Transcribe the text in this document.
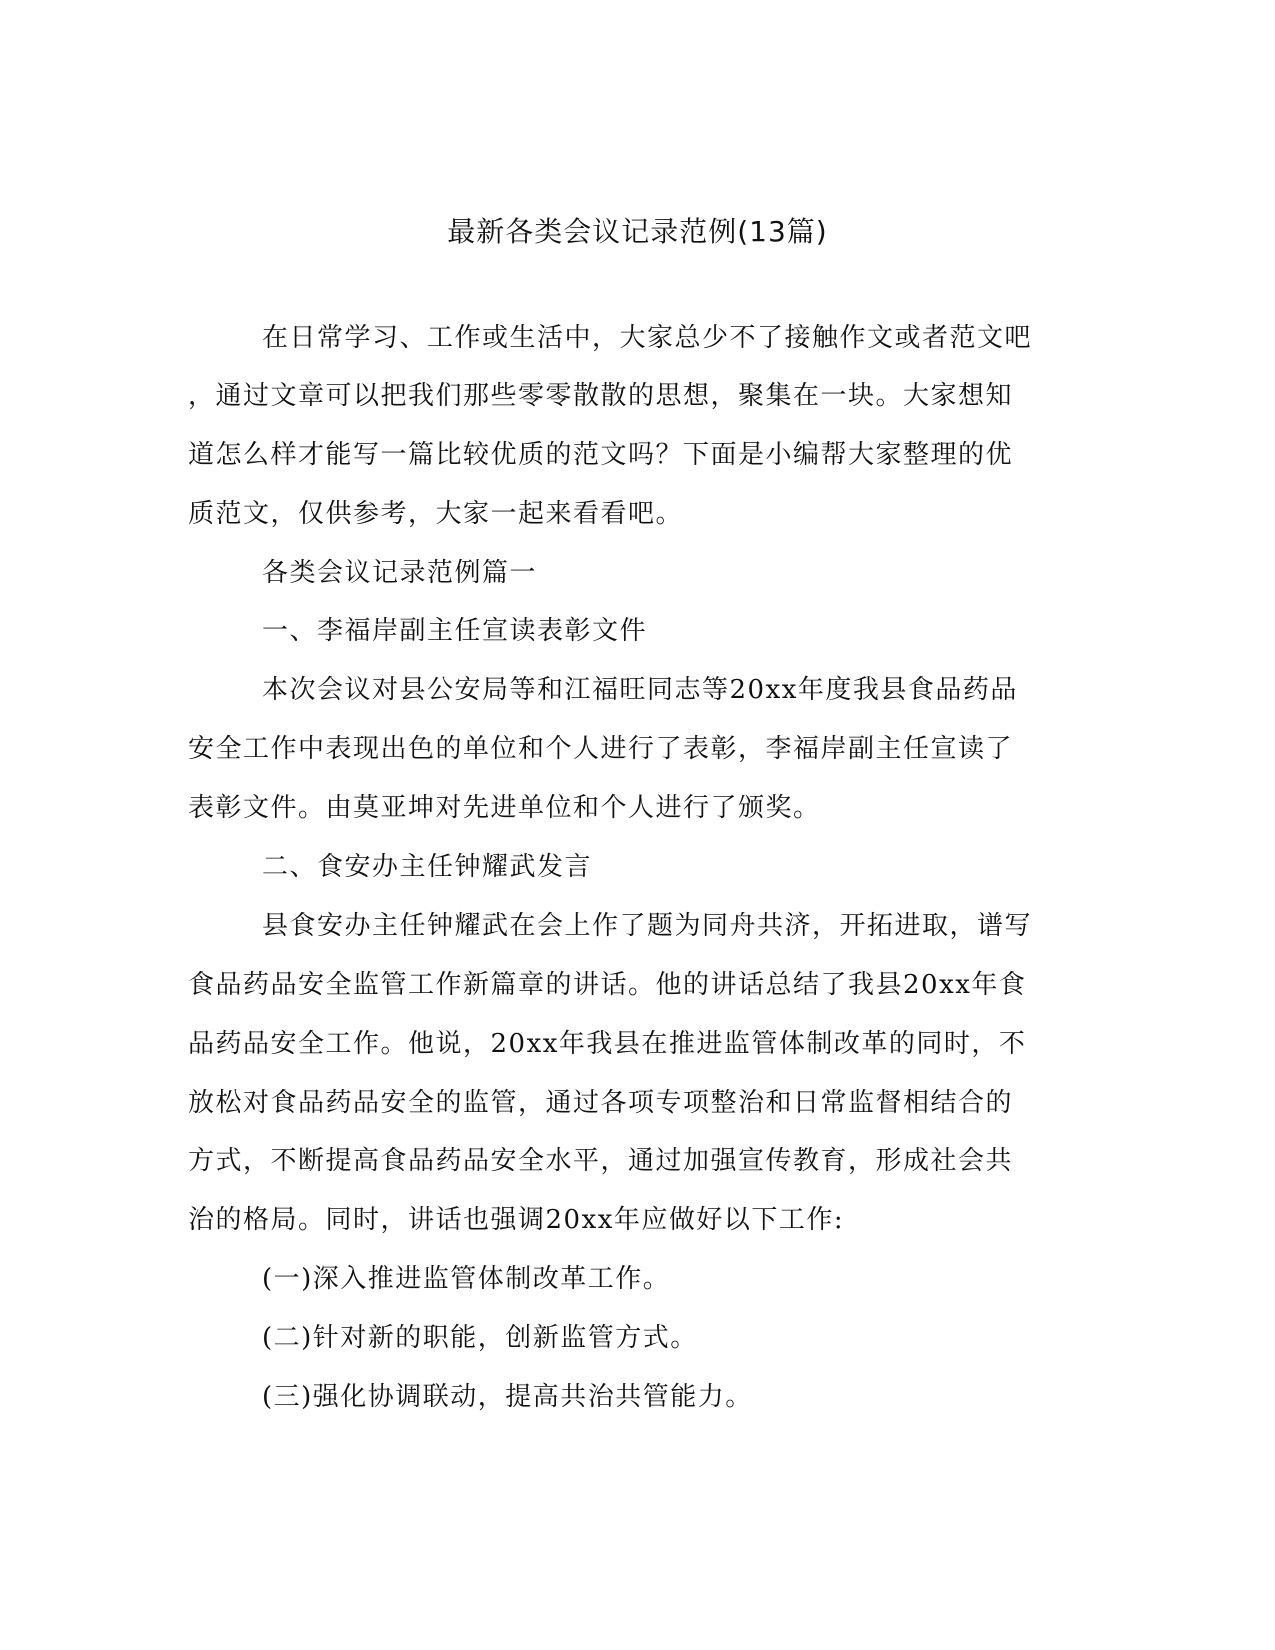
最新各类会议记录范例(13篇)

在日常学习、工作或生活中，大家总少不了接触作文或者范文吧

，通过文章可以把我们那些零零散散的思想，聚集在一块。大家想知

道怎么样才能写一篇比较优质的范文吗？下面是小编帮大家整理的优

质范文，仅供参考，大家一起来看看吧。

各类会议记录范例篇一

一、李福岸副主任宣读表彰文件

本次会议对县公安局等和江福旺同志等20xx年度我县食品药品

安全工作中表现出色的单位和个人进行了表彰，李福岸副主任宣读了

表彰文件。由莫亚坤对先进单位和个人进行了颁奖。

二、食安办主任钟耀武发言

县食安办主任钟耀武在会上作了题为同舟共济，开拓进取，谱写

食品药品安全监管工作新篇章的讲话。他的讲话总结了我县20xx年食

品药品安全工作。他说，20xx年我县在推进监管体制改革的同时，不

放松对食品药品安全的监管，通过各项专项整治和日常监督相结合的

方式，不断提高食品药品安全水平，通过加强宣传教育，形成社会共

治的格局。同时，讲话也强调20xx年应做好以下工作:

(一)深入推进监管体制改革工作。

(二)针对新的职能，创新监管方式。

(三)强化协调联动，提高共治共管能力。
